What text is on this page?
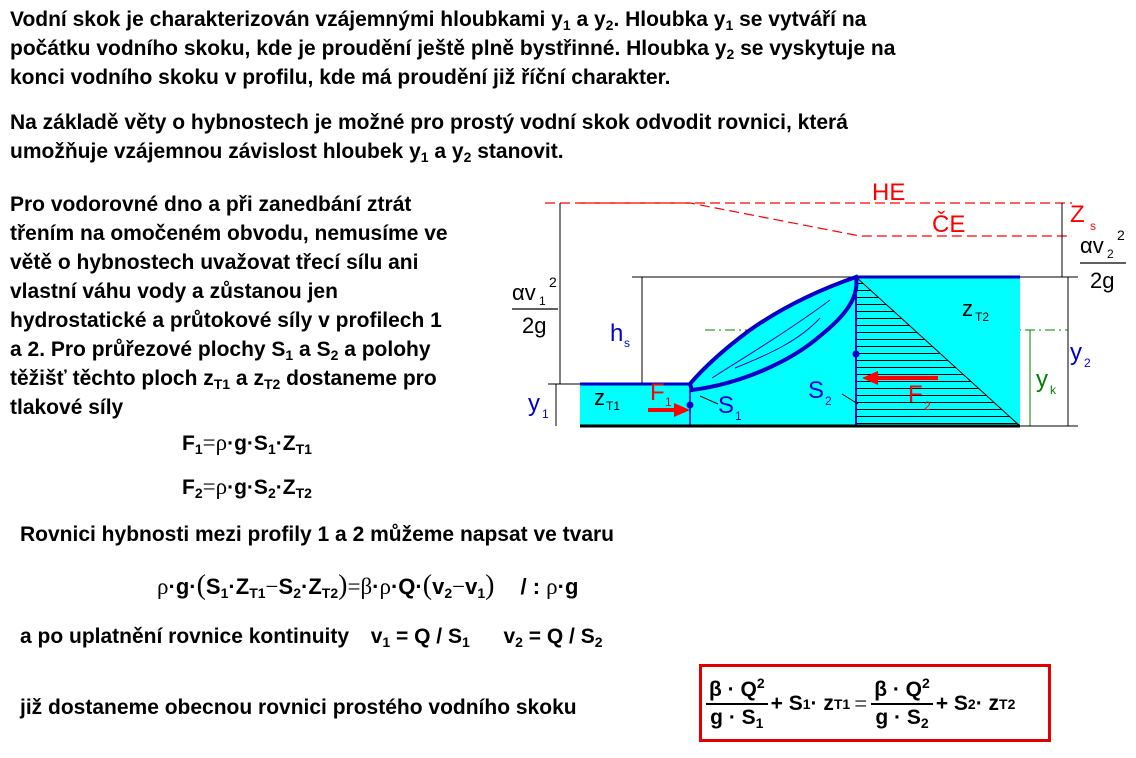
Vodní skok je charakterizován vzájemnými hloubkami $y_1$ a $y_2$. Hloubka $y_1$ se vytváří na
počátku vodního skoku, kde je proudění ještě plně bystřinné. Hloubka $y_2$ se vyskytuje na
konci vodního skoku v profilu, kde má proudění již říční charakter.
Na základě věty o hybnostech je možné pro prostý vodní skok odvodit rovnici, která
umožňuje vzájemnou závislost hloubek $y_1$ a $y_2$ stanovit.
Pro vodorovné dno a při zanedbání ztrát
třením na omočeném obvodu, nemusíme ve
větě o hybnostech uvažovat třecí sílu ani
vlastní váhu vody a zůstanou jen
hydrostatické a průtokové síly v profilech 1
a 2. Pro průřezové plochy $S_1$ a $S_2$ a polohy
těžišť těchto ploch $z_{T1}$ a $z_{T2}$ dostaneme pro
tlakové síly
$F_1=\rho\cdot g\cdot S_1\cdot Z_{T1}$
$F_2=\rho\cdot g\cdot S_2\cdot Z_{T2}$
Rovnici hybnosti mezi profily 1 a 2 můžeme napsat ve tvaru
$\rho\cdot g\cdot(S_1\cdot Z_{T1}-S_2\cdot Z_{T2})=\beta\cdot\rho\cdot Q\cdot(v_2-v_1)$ / : ρ·g
a po uplatnění rovnice kontinuity $v_1 = Q / S_1$ $v_2 = Q / S_2$
již dostaneme obecnou rovnici prostého vodního skoku	$\frac{\beta \cdot Q^2}{g \cdot S_1} + S$ 1 · z $T1 = \frac{\beta \cdot Q^2}{g \cdot S_2} + S$ 2 · z T2
HE
ČE	Z s
αv 2
2
2g
αv 1
2
2g	h s
y 1
y 2
y k
z T1
z T2
F 1	F 2
S 1
S 2
